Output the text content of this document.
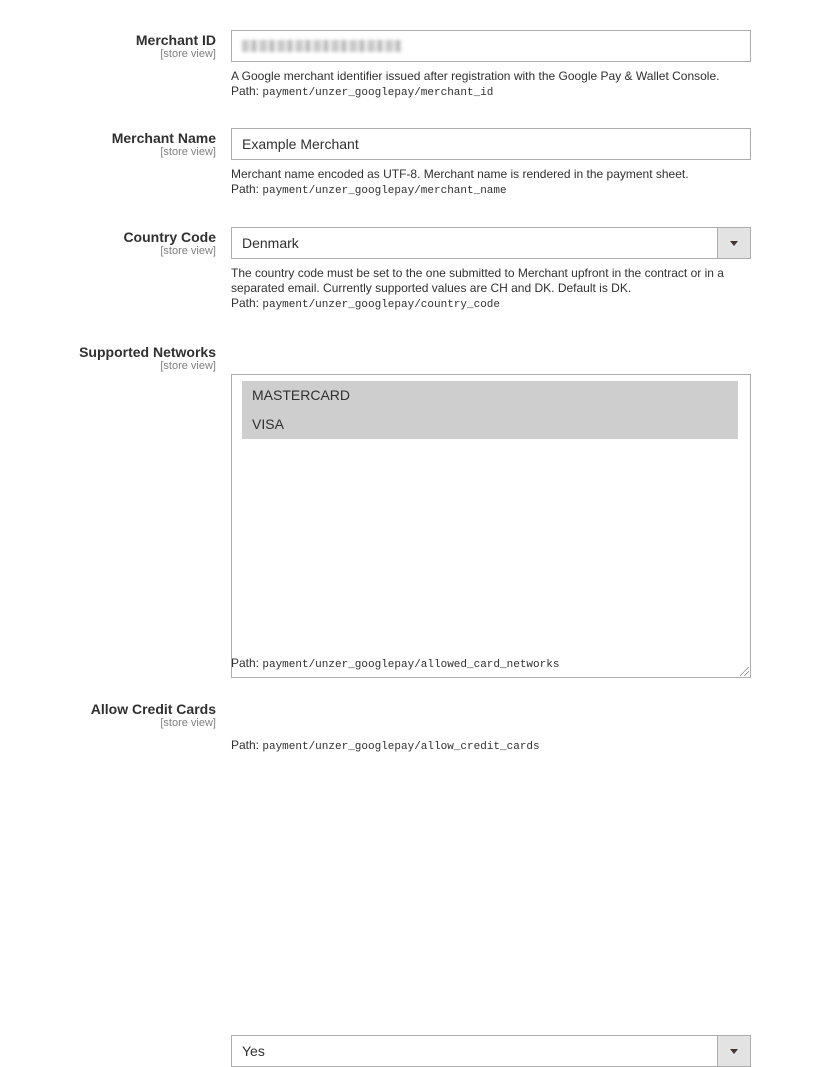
Merchant ID
[store view]
A Google merchant identifier issued after registration with the Google Pay & Wallet Console.
Path: payment/unzer_googlepay/merchant_id
Merchant Name
[store view]	Example Merchant
Merchant name encoded as UTF-8. Merchant name is rendered in the payment sheet.
Path: payment/unzer_googlepay/merchant_name
Country Code
[store view]	Denmark
The country code must be set to the one submitted to Merchant upfront in the contract or in a separated email. Currently supported values are CH and DK. Default is DK.
Path: payment/unzer_googlepay/country_code
Supported Networks
[store view]
MASTERCARD
VISA
Path: payment/unzer_googlepay/allowed_card_networks
Allow Credit Cards
[store view]
Yes
Path: payment/unzer_googlepay/allow_credit_cards
